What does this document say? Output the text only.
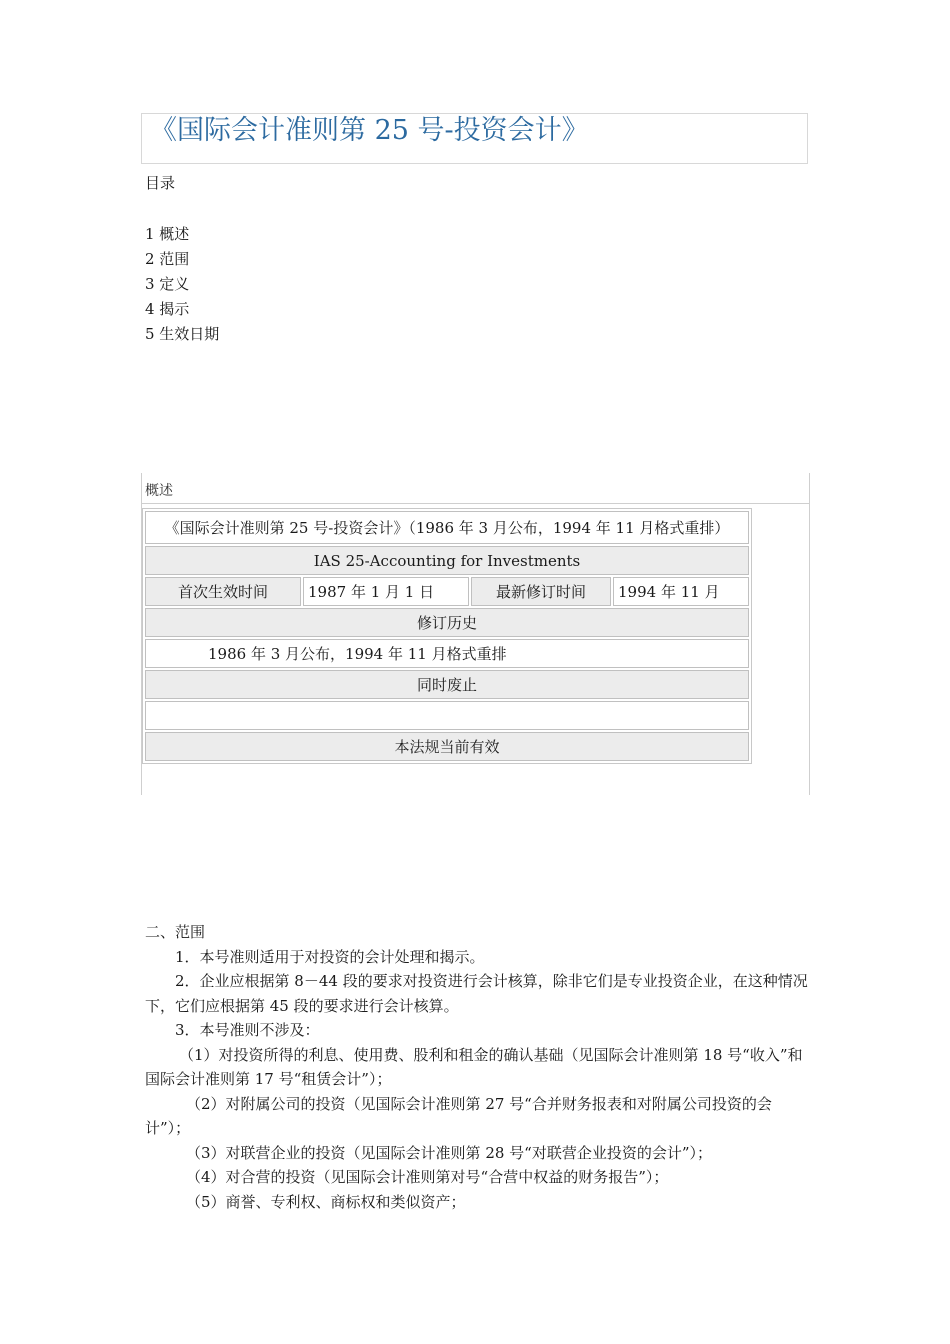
《国际会计准则第 25 号-投资会计》
目录
1 概述
2 范围
3 定义
4 揭示
5 生效日期
概述
《国际会计准则第 25 号-投资会计》（1986 年 3 月公布，1994 年 11 月格式重排）
IAS 25-Accounting for Investments
首次生效时间	1987 年 1 月 1 日	最新修订时间	1994 年 11 月
修订历史
1986 年 3 月公布，1994 年 11 月格式重排
同时废止

本法规当前有效

二、范围

1．本号准则适用于对投资的会计处理和揭示。

2．企业应根据第 8－44 段的要求对投资进行会计核算，除非它们是专业投资企业，在这种情况下，它们应根据第 45 段的要求进行会计核算。

3．本号准则不涉及：

（1）对投资所得的利息、使用费、股利和租金的确认基础（见国际会计准则第 18 号“收入”和国际会计准则第 17 号“租赁会计”）；

（2）对附属公司的投资（见国际会计准则第 27 号“合并财务报表和对附属公司投资的会计”）；

（3）对联营企业的投资（见国际会计准则第 28 号“对联营企业投资的会计”）；

（4）对合营的投资（见国际会计准则第对号“合营中权益的财务报告”）；

（5）商誉、专利权、商标权和类似资产；
